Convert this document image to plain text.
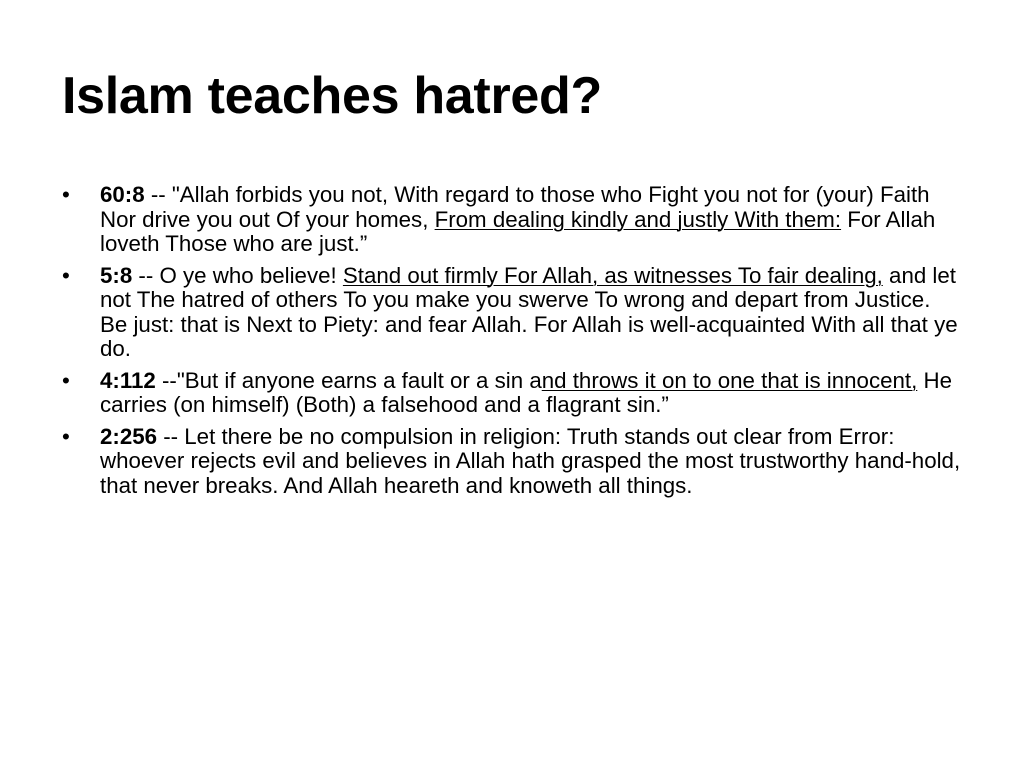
Islam teaches hatred?
•	60:8 -- "Allah forbids you not, With regard to those who Fight you not for (your) Faith Nor drive you out Of your homes, From dealing kindly and justly With them: For Allah loveth Those who are just.”
•	5:8 -- O ye who believe! Stand out firmly For Allah, as witnesses To fair dealing, and let not The hatred of others To you make you swerve To wrong and depart from Justice. Be just: that is Next to Piety: and fear Allah. For Allah is well-acquainted With all that ye do.
•	4:112 --"But if anyone earns a fault or a sin and throws it on to one that is innocent, He carries (on himself) (Both) a falsehood and a flagrant sin.”
•	2:256 -- Let there be no compulsion in religion: Truth stands out clear from Error: whoever rejects evil and believes in Allah hath grasped the most trustworthy hand-hold, that never breaks. And Allah heareth and knoweth all things.
